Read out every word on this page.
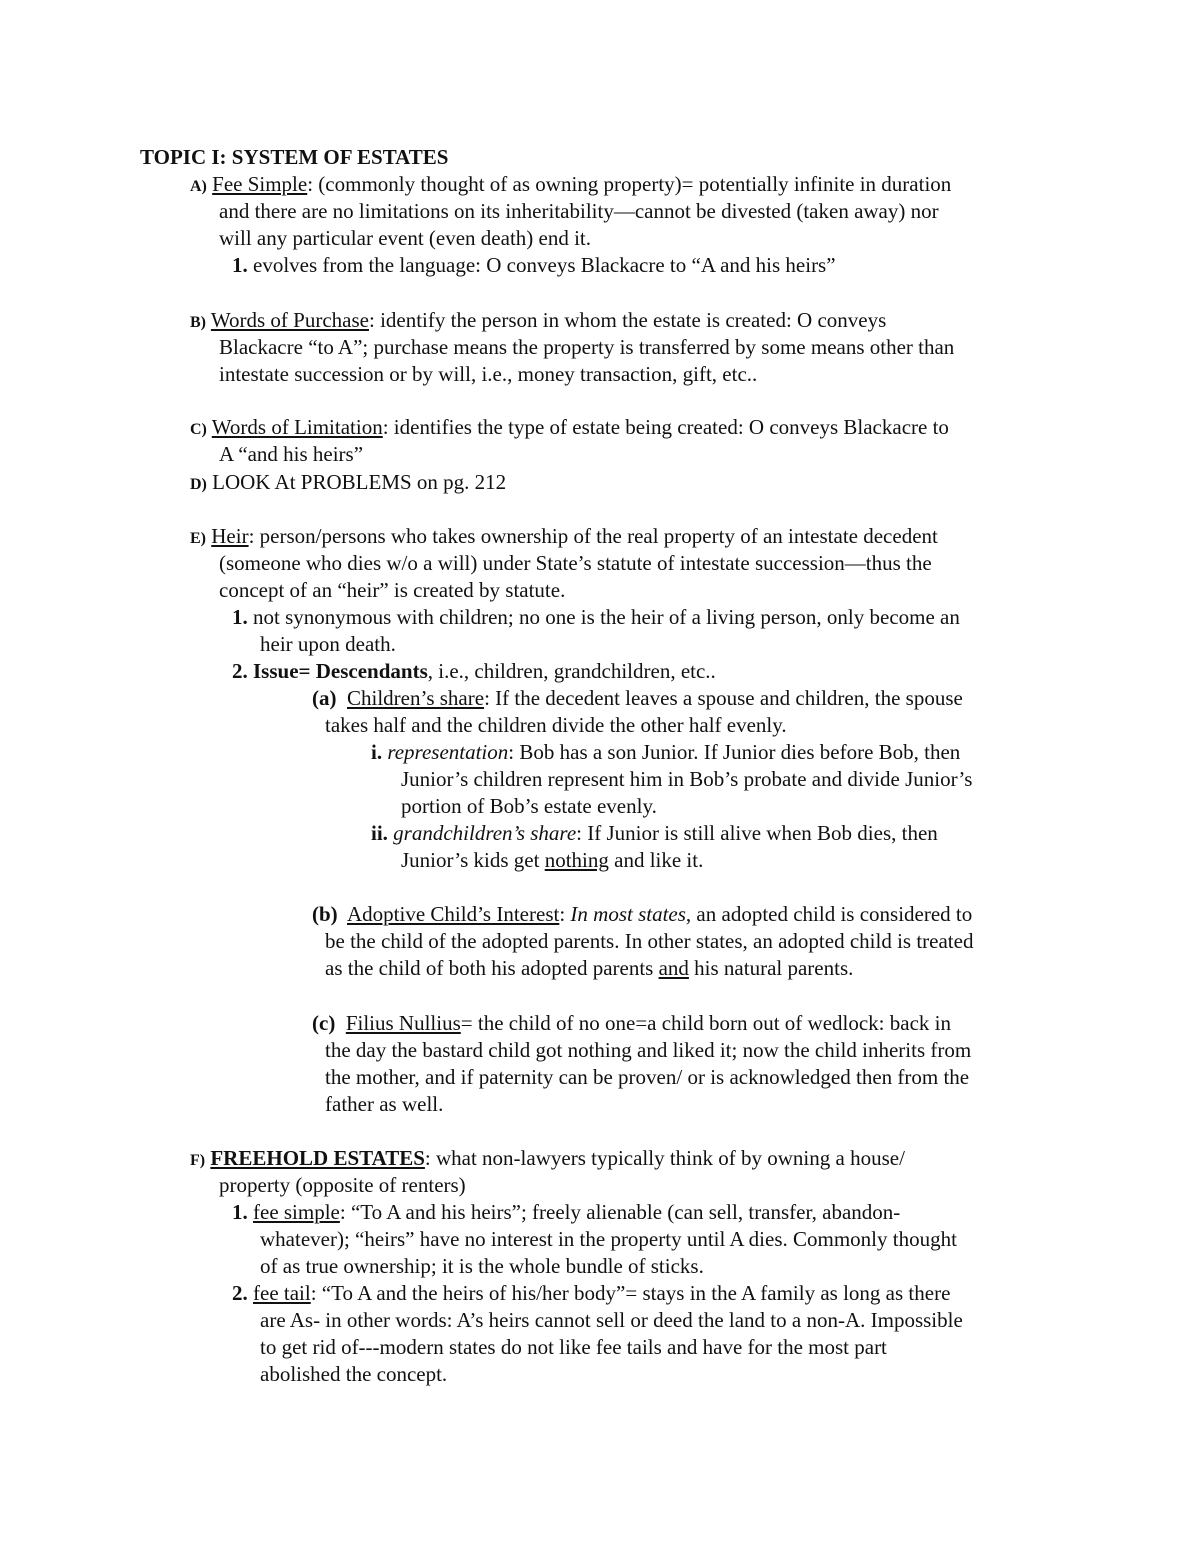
TOPIC I: SYSTEM OF ESTATES
A) Fee Simple: (commonly thought of as owning property)= potentially infinite in duration
and there are no limitations on its inheritability—cannot be divested (taken away) nor
will any particular event (even death) end it.
1. evolves from the language: O conveys Blackacre to “A and his heirs”
B) Words of Purchase: identify the person in whom the estate is created: O conveys
Blackacre “to A”; purchase means the property is transferred by some means other than
intestate succession or by will, i.e., money transaction, gift, etc..
C) Words of Limitation: identifies the type of estate being created: O conveys Blackacre to
A “and his heirs”
D) LOOK At PROBLEMS on pg. 212
E) Heir: person/persons who takes ownership of the real property of an intestate decedent
(someone who dies w/o a will) under State’s statute of intestate succession—thus the
concept of an “heir” is created by statute.
1. not synonymous with children; no one is the heir of a living person, only become an
heir upon death.
2. Issue= Descendants, i.e., children, grandchildren, etc..
(a) Children’s share: If the decedent leaves a spouse and children, the spouse
takes half and the children divide the other half evenly.
i. representation: Bob has a son Junior. If Junior dies before Bob, then
Junior’s children represent him in Bob’s probate and divide Junior’s
portion of Bob’s estate evenly.
ii. grandchildren’s share: If Junior is still alive when Bob dies, then
Junior’s kids get nothing and like it.
(b) Adoptive Child’s Interest: In most states, an adopted child is considered to
be the child of the adopted parents. In other states, an adopted child is treated
as the child of both his adopted parents and his natural parents.
(c) Filius Nullius= the child of no one=a child born out of wedlock: back in
the day the bastard child got nothing and liked it; now the child inherits from
the mother, and if paternity can be proven/ or is acknowledged then from the
father as well.
F) FREEHOLD ESTATES: what non-lawyers typically think of by owning a house/
property (opposite of renters)
1. fee simple: “To A and his heirs”; freely alienable (can sell, transfer, abandon-
whatever); “heirs” have no interest in the property until A dies. Commonly thought
of as true ownership; it is the whole bundle of sticks.
2. fee tail: “To A and the heirs of his/her body”= stays in the A family as long as there
are As- in other words: A’s heirs cannot sell or deed the land to a non-A. Impossible
to get rid of---modern states do not like fee tails and have for the most part
abolished the concept.
